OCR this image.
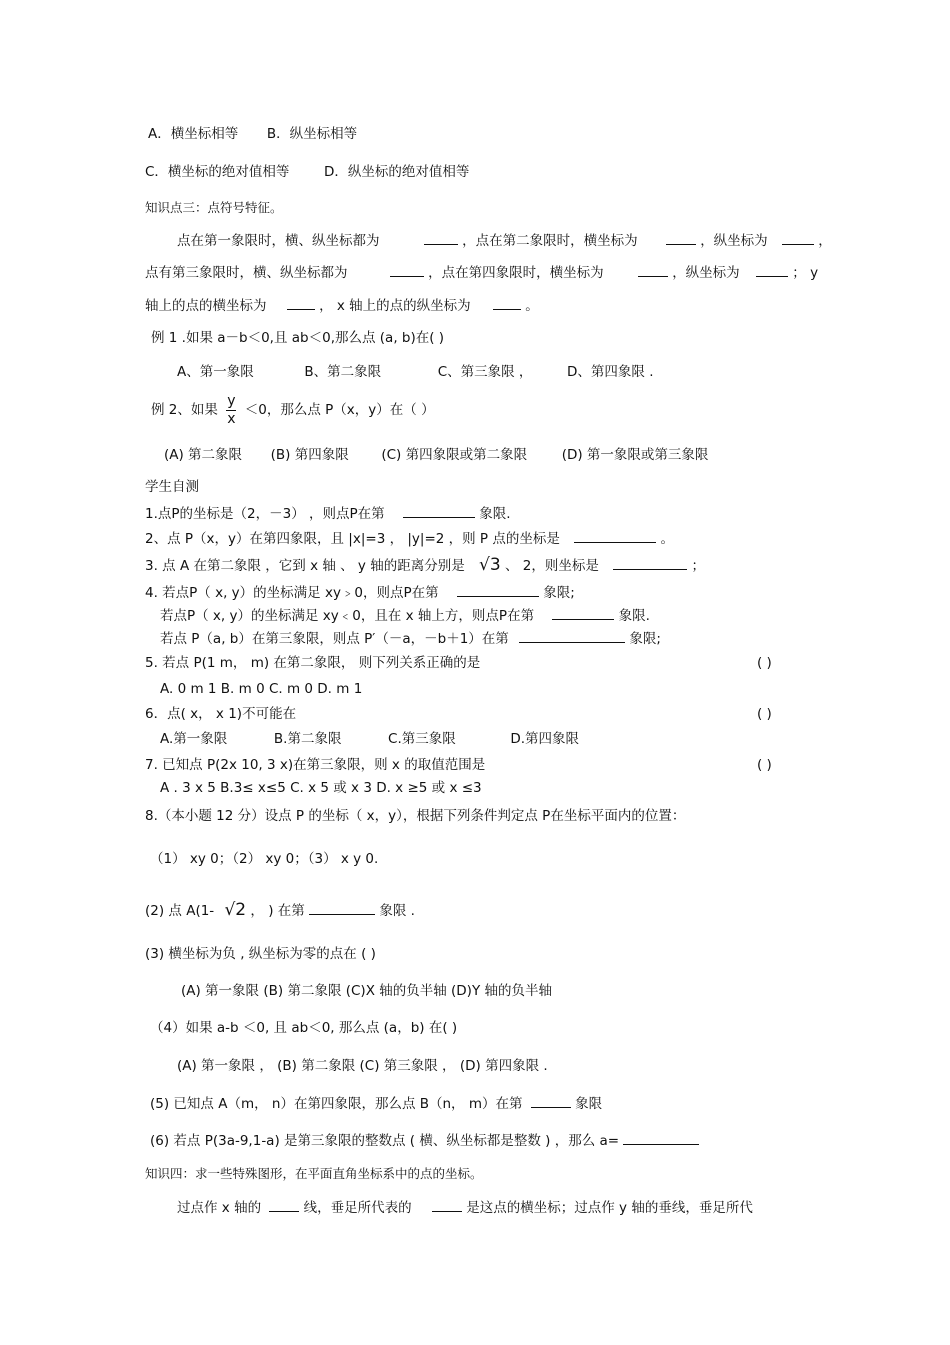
A．横坐标相等 B．纵坐标相等
C．横坐标的绝对值相等	D．纵坐标的绝对值相等
知识点三：点符号特征。
点在第一象限时，横、纵坐标都为	，点在第二象限时，横坐标为	，纵坐标为	，
点有第三象限时，横、纵坐标都为	，点在第四象限时，横坐标为	，纵坐标为	； y
轴上的点的横坐标为	， x 轴上的点的纵坐标为	。
例 1 .如果 a－b＜0,且 ab＜0,那么点 (a, b)在( )
A、第一象限	B、第二象限	C、第三象限 ，	D、第四象限 .
例 2、如果 $\frac{y}{x} <0$，那么点 P（x，y）在（ ）
(A) 第二象限 (B) 第四象限 (C) 第四象限或第二象限	(D) 第一象限或第三象限
学生自测
1.点P的坐标是（2，－3） ，则点P在第	象限.
2、点 P（x，y）在第四象限，且 |x|=3 ， |y|=2 ，则 P 点的坐标是	。
3. 点 A 在第二象限 ，它到 x 轴 、 y 轴的距离分别是 √3 、 2，则坐标是	；
4. 若点P（ x, y）的坐标满足 xy﹥0，则点P在第	象限;
若点P（ x, y）的坐标满足 xy﹤0，且在 x 轴上方，则点P在第	象限.
若点 P（a, b）在第三象限，则点 P′（－a，－b＋1）在第	象限;
5. 若点 P(1 m， m) 在第二象限， 则下列关系正确的是	( )
A. 0 m 1 B. m 0 C. m 0 D. m 1
6．点( x， x 1)不可能在	( )
A.第一象限	B.第二象限	C.第三象限	D.第四象限
7. 已知点 P(2x 10, 3 x)在第三象限，则 x 的取值范围是	( )
A . 3 x 5 B.3≤ x≤5 C. x 5 或 x 3 D. x ≥5 或 x ≤3
8.（本小题 12 分）设点 P 的坐标（ x，y），根据下列条件判定点 P在坐标平面内的位置：
（1） xy 0；（2） xy 0；（3） x y 0.
(2) 点 A(1- √2 ， ) 在第	象限 .
(3) 横坐标为负 , 纵坐标为零的点在 ( )
(A) 第一象限 (B) 第二象限 (C)X 轴的负半轴 (D)Y 轴的负半轴
（4）如果 a-b ＜0, 且 ab＜0, 那么点 (a，b) 在( )
(A) 第一象限 ， (B) 第二象限 (C) 第三象限 ， (D) 第四象限 .
(5) 已知点 A（m， n）在第四象限，那么点 B（n， m）在第	象限
(6) 若点 P(3a-9,1-a) 是第三象限的整数点 ( 横、纵坐标都是整数 ) ，那么 a=
知识四：求一些特殊图形，在平面直角坐标系中的点的坐标。
过点作 x 轴的	线，垂足所代表的	是这点的横坐标；过点作 y 轴的垂线，垂足所代
